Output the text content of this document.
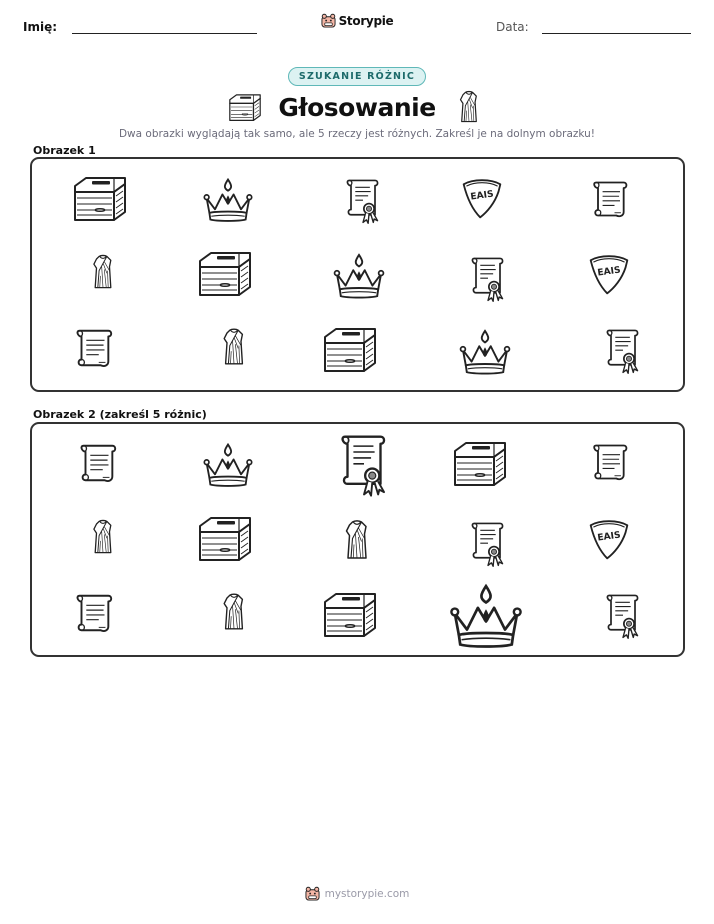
Imię:	Storypie	Data:
SZUKANIE RÓŻNIC
Głosowanie

Dwa obrazki wyglądają tak samo, ale 5 rzeczy jest różnych. Zakreśl je na dolnym obrazku!

Obrazek 1
EAIS
EAIS
Obrazek 2 (zakreśl 5 różnic)
EAIS
mystorypie.com
